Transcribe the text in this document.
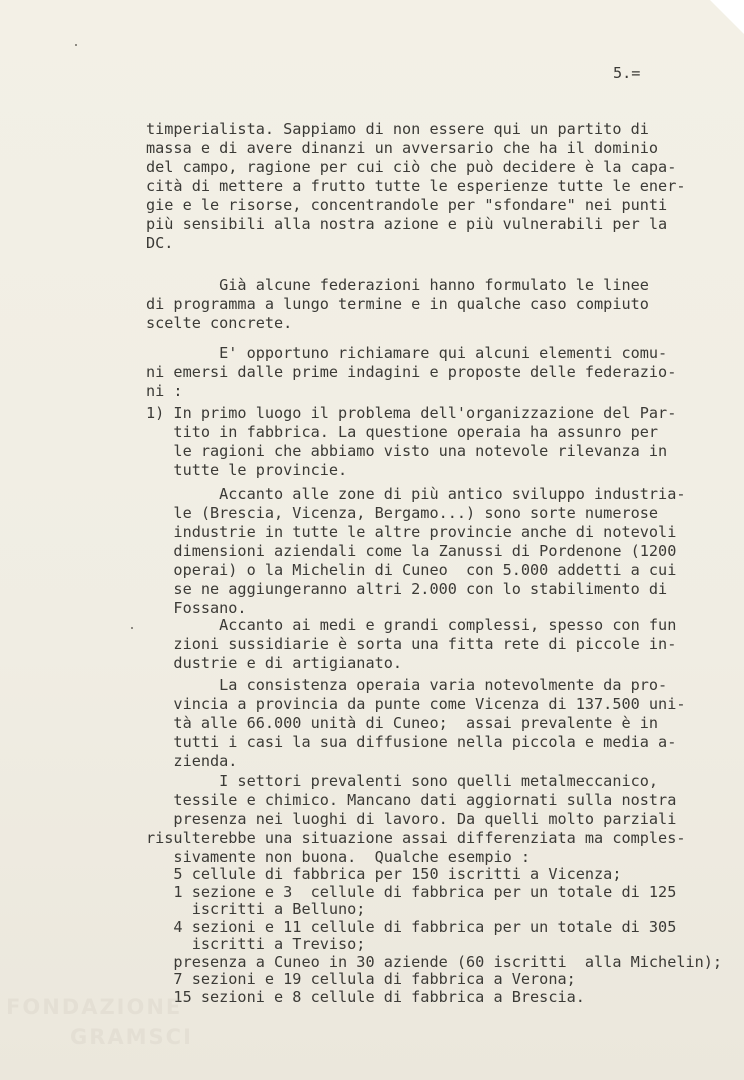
5.=
timperialista. Sappiamo di non essere qui un partito di
massa e di avere dinanzi un avversario che ha il dominio
del campo, ragione per cui ciò che può decidere è la capa-
cità di mettere a frutto tutte le esperienze tutte le ener-
gie e le risorse, concentrandole per "sfondare" nei punti
più sensibili alla nostra azione e più vulnerabili per la
DC.
Già alcune federazioni hanno formulato le linee
di programma a lungo termine e in qualche caso compiuto
scelte concrete.
E' opportuno richiamare qui alcuni elementi comu-
ni emersi dalle prime indagini e proposte delle federazio-
ni :
1) In primo luogo il problema dell'organizzazione del Par-
tito in fabbrica. La questione operaia ha assunro per
le ragioni che abbiamo visto una notevole rilevanza in
tutte le provincie.
Accanto alle zone di più antico sviluppo industria-
le (Brescia, Vicenza, Bergamo...) sono sorte numerose
industrie in tutte le altre provincie anche di notevoli
dimensioni aziendali come la Zanussi di Pordenone (1200
operai) o la Michelin di Cuneo  con 5.000 addetti a cui
se ne aggiungeranno altri 2.000 con lo stabilimento di
Fossano.
Accanto ai medi e grandi complessi, spesso con fun
zioni sussidiarie è sorta una fitta rete di piccole in-
dustrie e di artigianato.
La consistenza operaia varia notevolmente da pro-
vincia a provincia da punte come Vicenza di 137.500 uni-
tà alle 66.000 unità di Cuneo;  assai prevalente è in
tutti i casi la sua diffusione nella piccola e media a-
zienda.
I settori prevalenti sono quelli metalmeccanico,
tessile e chimico. Mancano dati aggiornati sulla nostra
presenza nei luoghi di lavoro. Da quelli molto parziali
risulterebbe una situazione assai differenziata ma comples-
sivamente non buona.  Qualche esempio :
5 cellule di fabbrica per 150 iscritti a Vicenza;
1 sezione e 3  cellule di fabbrica per un totale di 125
iscritti a Belluno;
4 sezioni e 11 cellule di fabbrica per un totale di 305
iscritti a Treviso;
presenza a Cuneo in 30 aziende (60 iscritti  alla Michelin);
7 sezioni e 19 cellula di fabbrica a Verona;
15 sezioni e 8 cellule di fabbrica a Brescia.
FONDAZIONE
GRAMSCI
